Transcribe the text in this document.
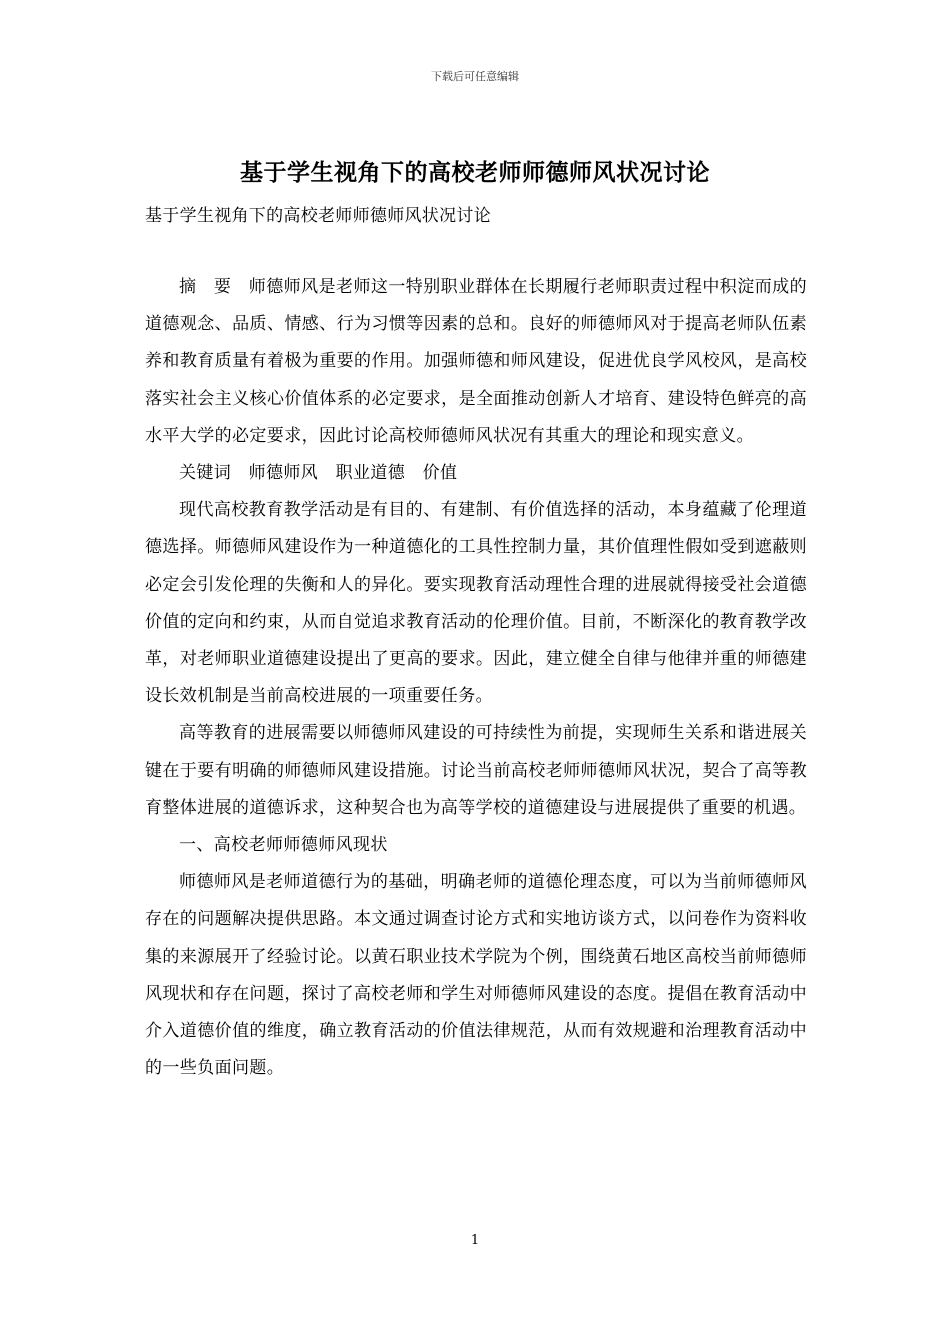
下载后可任意编辑
基于学生视角下的高校老师师德师风状况讨论
基于学生视角下的高校老师师德师风状况讨论

摘　要　师德师风是老师这一特别职业群体在长期履行老师职责过程中积淀而成的道德观念、品质、情感、行为习惯等因素的总和。良好的师德师风对于提高老师队伍素养和教育质量有着极为重要的作用。加强师德和师风建设，促进优良学风校风，是高校落实社会主义核心价值体系的必定要求，是全面推动创新人才培育、建设特色鲜亮的高水平大学的必定要求，因此讨论高校师德师风状况有其重大的理论和现实意义。

关键词　师德师风　职业道德　价值

现代高校教育教学活动是有目的、有建制、有价值选择的活动，本身蕴藏了伦理道德选择。师德师风建设作为一种道德化的工具性控制力量，其价值理性假如受到遮蔽则必定会引发伦理的失衡和人的异化。要实现教育活动理性合理的进展就得接受社会道德价值的定向和约束，从而自觉追求教育活动的伦理价值。目前，不断深化的教育教学改革，对老师职业道德建设提出了更高的要求。因此，建立健全自律与他律并重的师德建设长效机制是当前高校进展的一项重要任务。

高等教育的进展需要以师德师风建设的可持续性为前提，实现师生关系和谐进展关键在于要有明确的师德师风建设措施。讨论当前高校老师师德师风状况，契合了高等教育整体进展的道德诉求，这种契合也为高等学校的道德建设与进展提供了重要的机遇。

一、高校老师师德师风现状

师德师风是老师道德行为的基础，明确老师的道德伦理态度，可以为当前师德师风存在的问题解决提供思路。本文通过调查讨论方式和实地访谈方式，以问卷作为资料收集的来源展开了经验讨论。以黄石职业技术学院为个例，围绕黄石地区高校当前师德师风现状和存在问题，探讨了高校老师和学生对师德师风建设的态度。提倡在教育活动中介入道德价值的维度，确立教育活动的价值法律规范，从而有效规避和治理教育活动中的一些负面问题。

1
